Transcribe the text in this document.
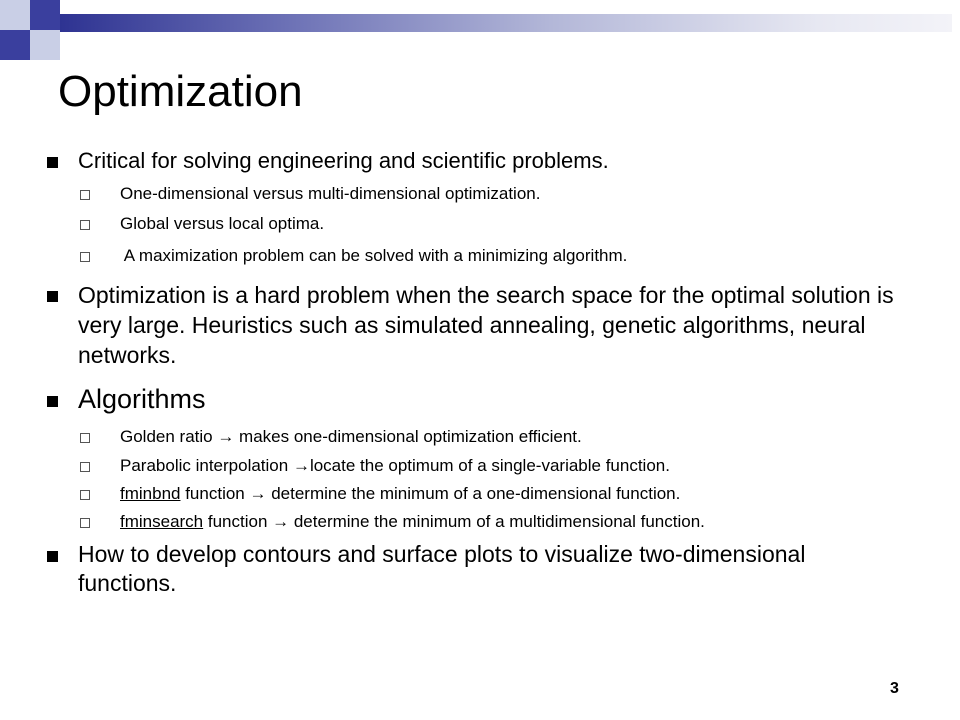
Optimization
Critical for solving engineering and scientific problems.
One-dimensional versus multi-dimensional optimization.
Global versus local optima.
A maximization problem can be solved with a minimizing algorithm.
Optimization is a hard problem when the search space for the optimal solution is very large. Heuristics such as simulated annealing, genetic algorithms, neural networks.
Algorithms
Golden ratio → makes one-dimensional optimization efficient.
Parabolic interpolation →locate the optimum of a single-variable function.
fminbnd function → determine the minimum of a one-dimensional function.
fminsearch function → determine the minimum of a multidimensional function.
How to develop contours and surface plots to visualize two-dimensional functions.
3
